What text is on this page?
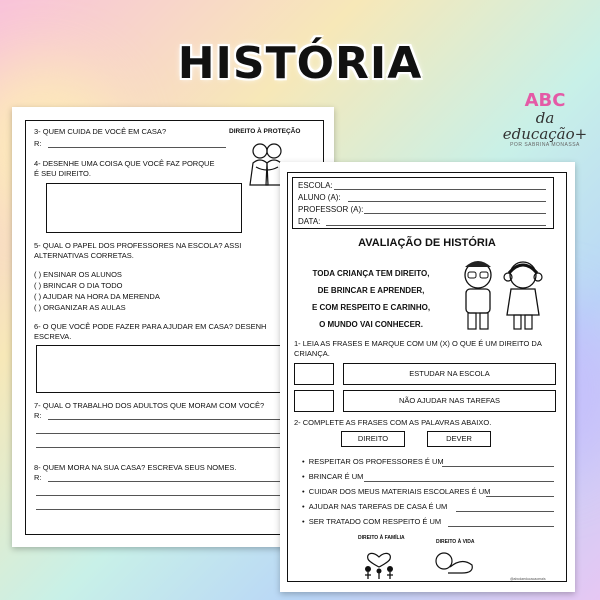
HISTÓRIA
ABC
da educação+
POR SABRINA MONASSA
3- QUEM CUIDA DE VOCÊ EM CASA?
R:
DIREITO À PROTEÇÃO
4- DESENHE UMA COISA QUE VOCÊ FAZ PORQUE
É SEU DIREITO.
5- QUAL O PAPEL DOS PROFESSORES NA ESCOLA? ASSI
ALTERNATIVAS CORRETAS.
( ) ENSINAR OS ALUNOS
( ) BRINCAR O DIA TODO
( ) AJUDAR NA HORA DA MERENDA
( ) ORGANIZAR AS AULAS
6- O QUE VOCÊ PODE FAZER PARA AJUDAR EM CASA? DESENH
ESCREVA.
7- QUAL O TRABALHO DOS ADULTOS QUE MORAM COM VOCÊ?
R:
8- QUEM MORA NA SUA CASA? ESCREVA SEUS NOMES.
R:
ESCOLA:
ALUNO (A):
PROFESSOR (A):
DATA:
AVALIAÇÃO DE HISTÓRIA
TODA CRIANÇA TEM DIREITO,
DE BRINCAR E APRENDER,
E COM RESPEITO E CARINHO,
O MUNDO VAI CONHECER.
1- LEIA AS FRASES E MARQUE COM UM (X) O QUE É UM DIREITO DA
CRIANÇA.
ESTUDAR NA ESCOLA
NÃO AJUDAR NAS TAREFAS
2- COMPLETE AS FRASES COM AS PALAVRAS ABAIXO.
DIREITO	DEVER
•  RESPEITAR OS PROFESSORES É UM
•  BRINCAR É UM
•  CUIDAR DOS MEUS MATERIAIS ESCOLARES É UM
•  AJUDAR NAS TAREFAS DE CASA É UM
•  SER TRATADO COM RESPEITO É UM
DIREITO À FAMÍLIA
DIREITO À VIDA
@abcdaeducacaomais
